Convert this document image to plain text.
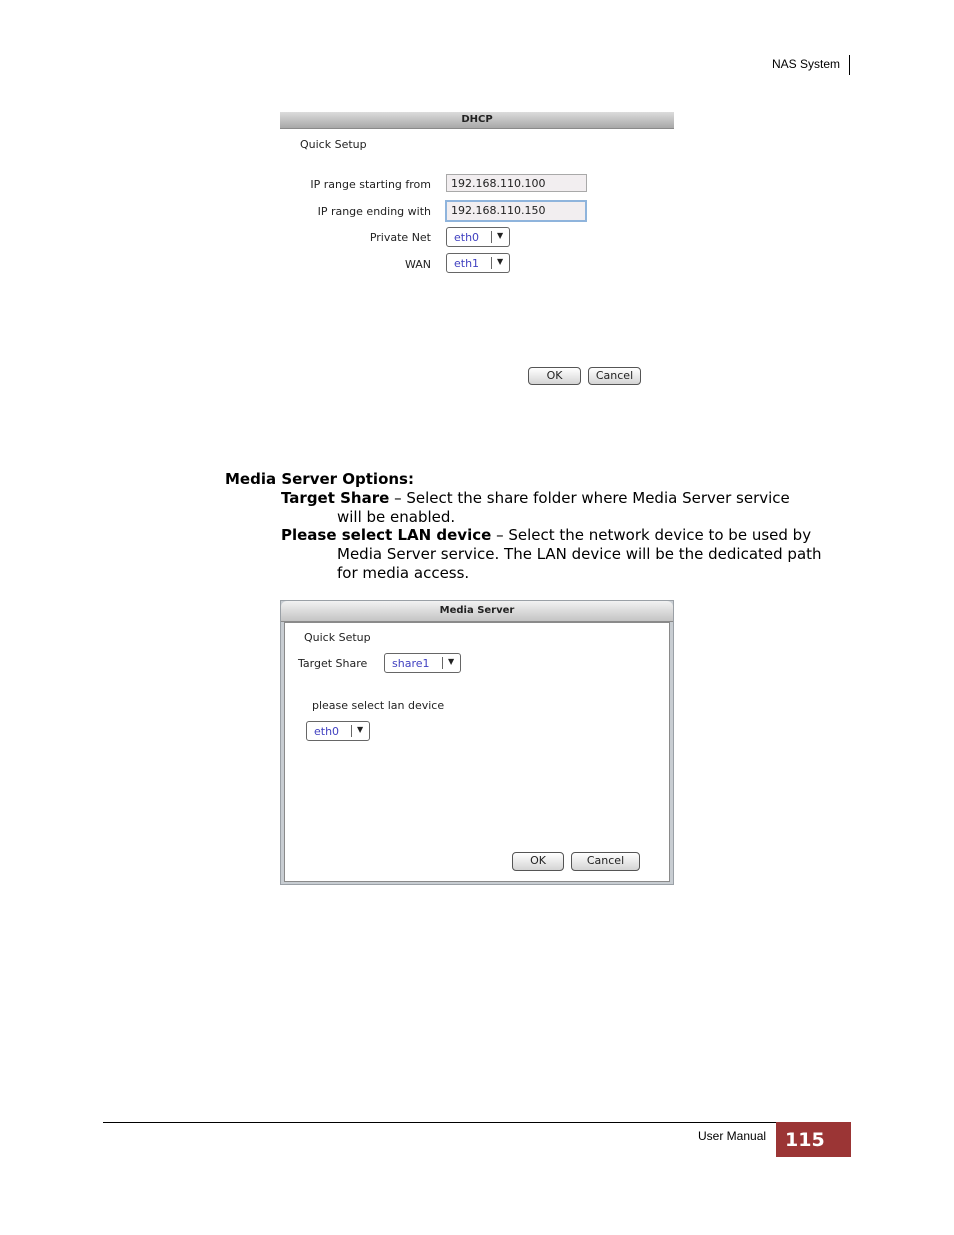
NAS System
DHCP
Quick Setup
IP range starting from	192.168.110.100
IP range ending with	192.168.110.150
Private Net eth0 ▼
WAN eth1 ▼
OK	Cancel
Media Server Options:
Target Share – Select the share folder where Media Server service
will be enabled.
Please select LAN device – Select the network device to be used by
Media Server service. The LAN device will be the dedicated path
for media access.
Media Server
Quick Setup
Target Share share1 ▼
please select lan device
eth0 ▼
OK	Cancel
User Manual 115
